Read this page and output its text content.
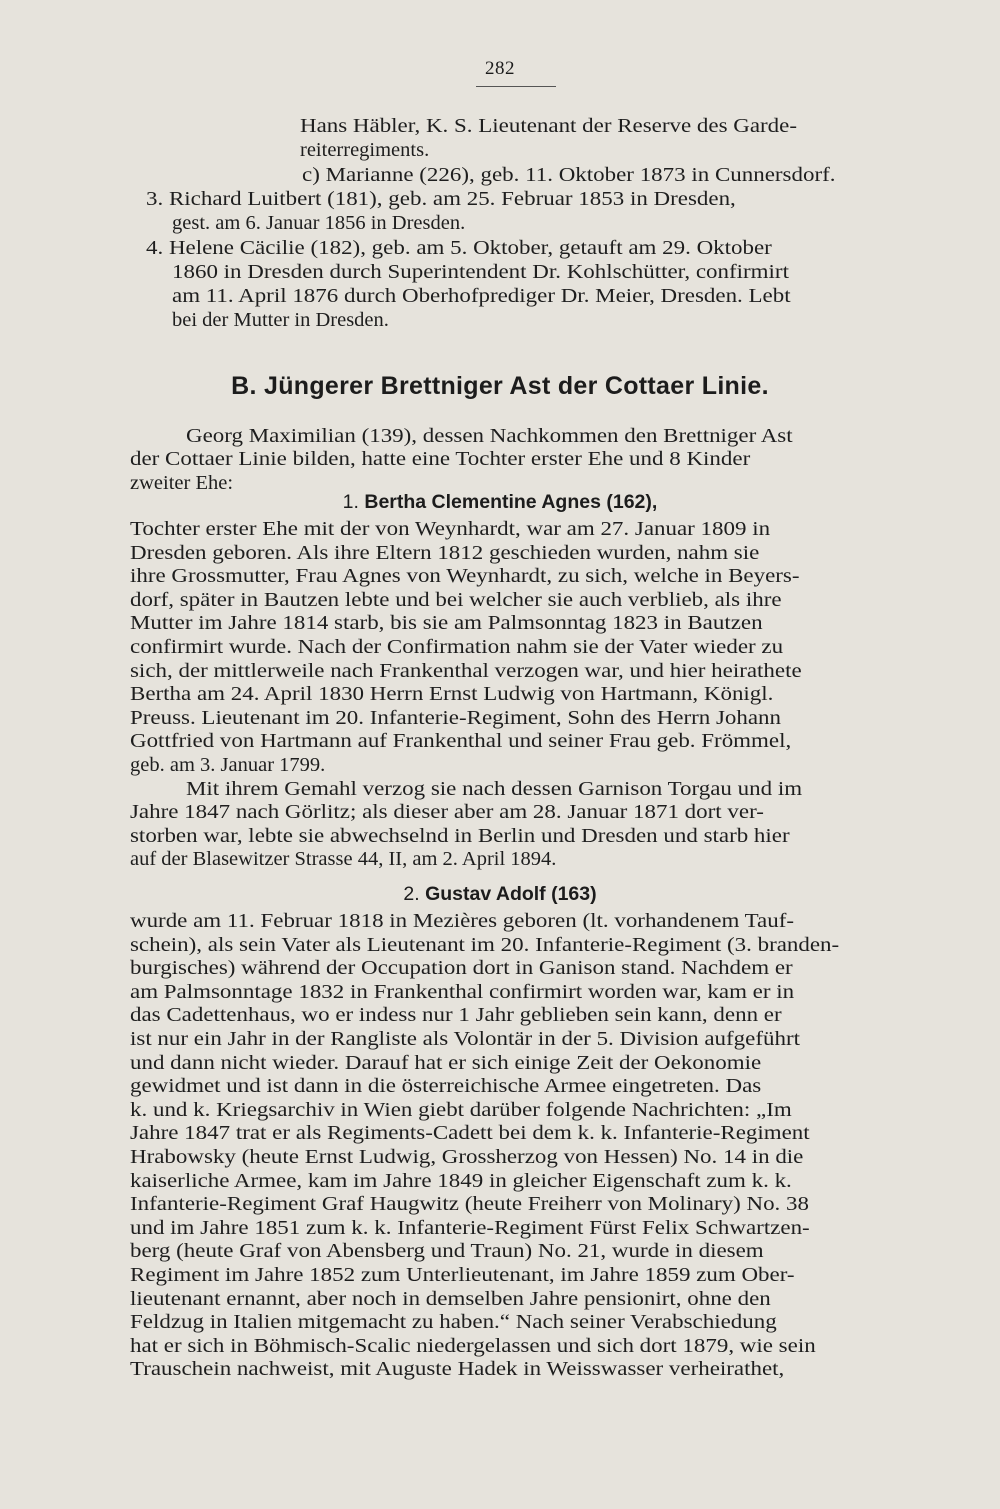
282
Hans Häbler, K. S. Lieutenant der Reserve des Garde-
reiterregiments.
c) Marianne (226), geb. 11. Oktober 1873 in Cunnersdorf.
3. Richard Luitbert (181), geb. am 25. Februar 1853 in Dresden,
gest. am 6. Januar 1856 in Dresden.
4. Helene Cäcilie (182), geb. am 5. Oktober, getauft am 29. Oktober
1860 in Dresden durch Superintendent Dr. Kohlschütter, confirmirt
am 11. April 1876 durch Oberhofprediger Dr. Meier, Dresden. Lebt
bei der Mutter in Dresden.
B. Jüngerer Brettniger Ast der Cottaer Linie.
Georg Maximilian (139), dessen Nachkommen den Brettniger Ast
der Cottaer Linie bilden, hatte eine Tochter erster Ehe und 8 Kinder
zweiter Ehe:
1. Bertha Clementine Agnes (162),
Tochter erster Ehe mit der von Weynhardt, war am 27. Januar 1809 in
Dresden geboren. Als ihre Eltern 1812 geschieden wurden, nahm sie
ihre Grossmutter, Frau Agnes von Weynhardt, zu sich, welche in Beyers-
dorf, später in Bautzen lebte und bei welcher sie auch verblieb, als ihre
Mutter im Jahre 1814 starb, bis sie am Palmsonntag 1823 in Bautzen
confirmirt wurde. Nach der Confirmation nahm sie der Vater wieder zu
sich, der mittlerweile nach Frankenthal verzogen war, und hier heirathete
Bertha am 24. April 1830 Herrn Ernst Ludwig von Hartmann, Königl.
Preuss. Lieutenant im 20. Infanterie-Regiment, Sohn des Herrn Johann
Gottfried von Hartmann auf Frankenthal und seiner Frau geb. Frömmel,
geb. am 3. Januar 1799.
Mit ihrem Gemahl verzog sie nach dessen Garnison Torgau und im
Jahre 1847 nach Görlitz; als dieser aber am 28. Januar 1871 dort ver-
storben war, lebte sie abwechselnd in Berlin und Dresden und starb hier
auf der Blasewitzer Strasse 44, II, am 2. April 1894.
2. Gustav Adolf (163)
wurde am 11. Februar 1818 in Mezières geboren (lt. vorhandenem Tauf-
schein), als sein Vater als Lieutenant im 20. Infanterie-Regiment (3. branden-
burgisches) während der Occupation dort in Ganison stand. Nachdem er
am Palmsonntage 1832 in Frankenthal confirmirt worden war, kam er in
das Cadettenhaus, wo er indess nur 1 Jahr geblieben sein kann, denn er
ist nur ein Jahr in der Rangliste als Volontär in der 5. Division aufgeführt
und dann nicht wieder. Darauf hat er sich einige Zeit der Oekonomie
gewidmet und ist dann in die österreichische Armee eingetreten. Das
k. und k. Kriegsarchiv in Wien giebt darüber folgende Nachrichten: „Im
Jahre 1847 trat er als Regiments-Cadett bei dem k. k. Infanterie-Regiment
Hrabowsky (heute Ernst Ludwig, Grossherzog von Hessen) No. 14 in die
kaiserliche Armee, kam im Jahre 1849 in gleicher Eigenschaft zum k. k.
Infanterie-Regiment Graf Haugwitz (heute Freiherr von Molinary) No. 38
und im Jahre 1851 zum k. k. Infanterie-Regiment Fürst Felix Schwartzen-
berg (heute Graf von Abensberg und Traun) No. 21, wurde in diesem
Regiment im Jahre 1852 zum Unterlieutenant, im Jahre 1859 zum Ober-
lieutenant ernannt, aber noch in demselben Jahre pensionirt, ohne den
Feldzug in Italien mitgemacht zu haben.“ Nach seiner Verabschiedung
hat er sich in Böhmisch-Scalic niedergelassen und sich dort 1879, wie sein
Trauschein nachweist, mit Auguste Hadek in Weisswasser verheirathet,
